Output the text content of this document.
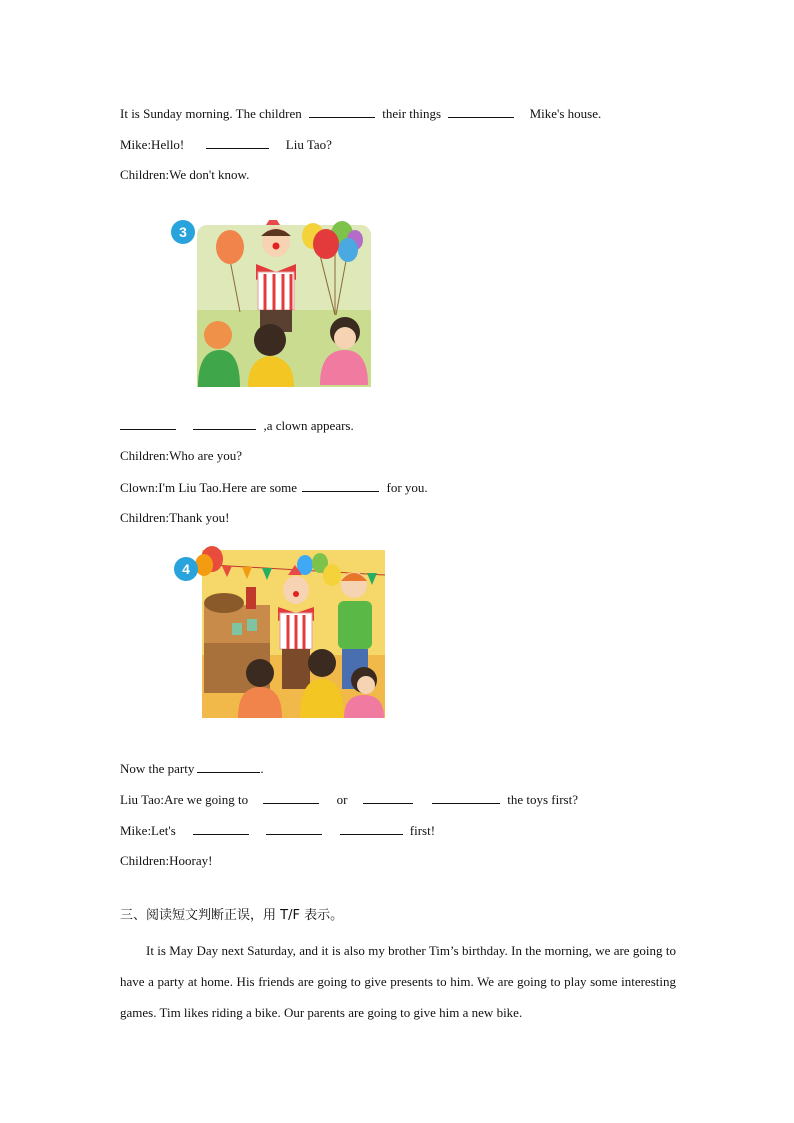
It is Sunday morning. The children	their things	Mike's house.
Mike:Hello!	Liu Tao?
Children:We don't know.
3
,a clown appears.
Children:Who are you?
Clown:I'm Liu Tao.Here are some	for you.
Children:Thank you!
4
Now the party	.
Liu Tao:Are we going to	or	the toys first?
Mike:Let's	first!
Children:Hooray!
三、阅读短文判断正误，用 T/F 表示。
It is May Day next Saturday, and it is also my brother Tim’s birthday. In the morning, we are going to have a party at home. His friends are going to give presents to him. We are going to play some interesting games. Tim likes riding a bike. Our parents are going to give him a new bike.
